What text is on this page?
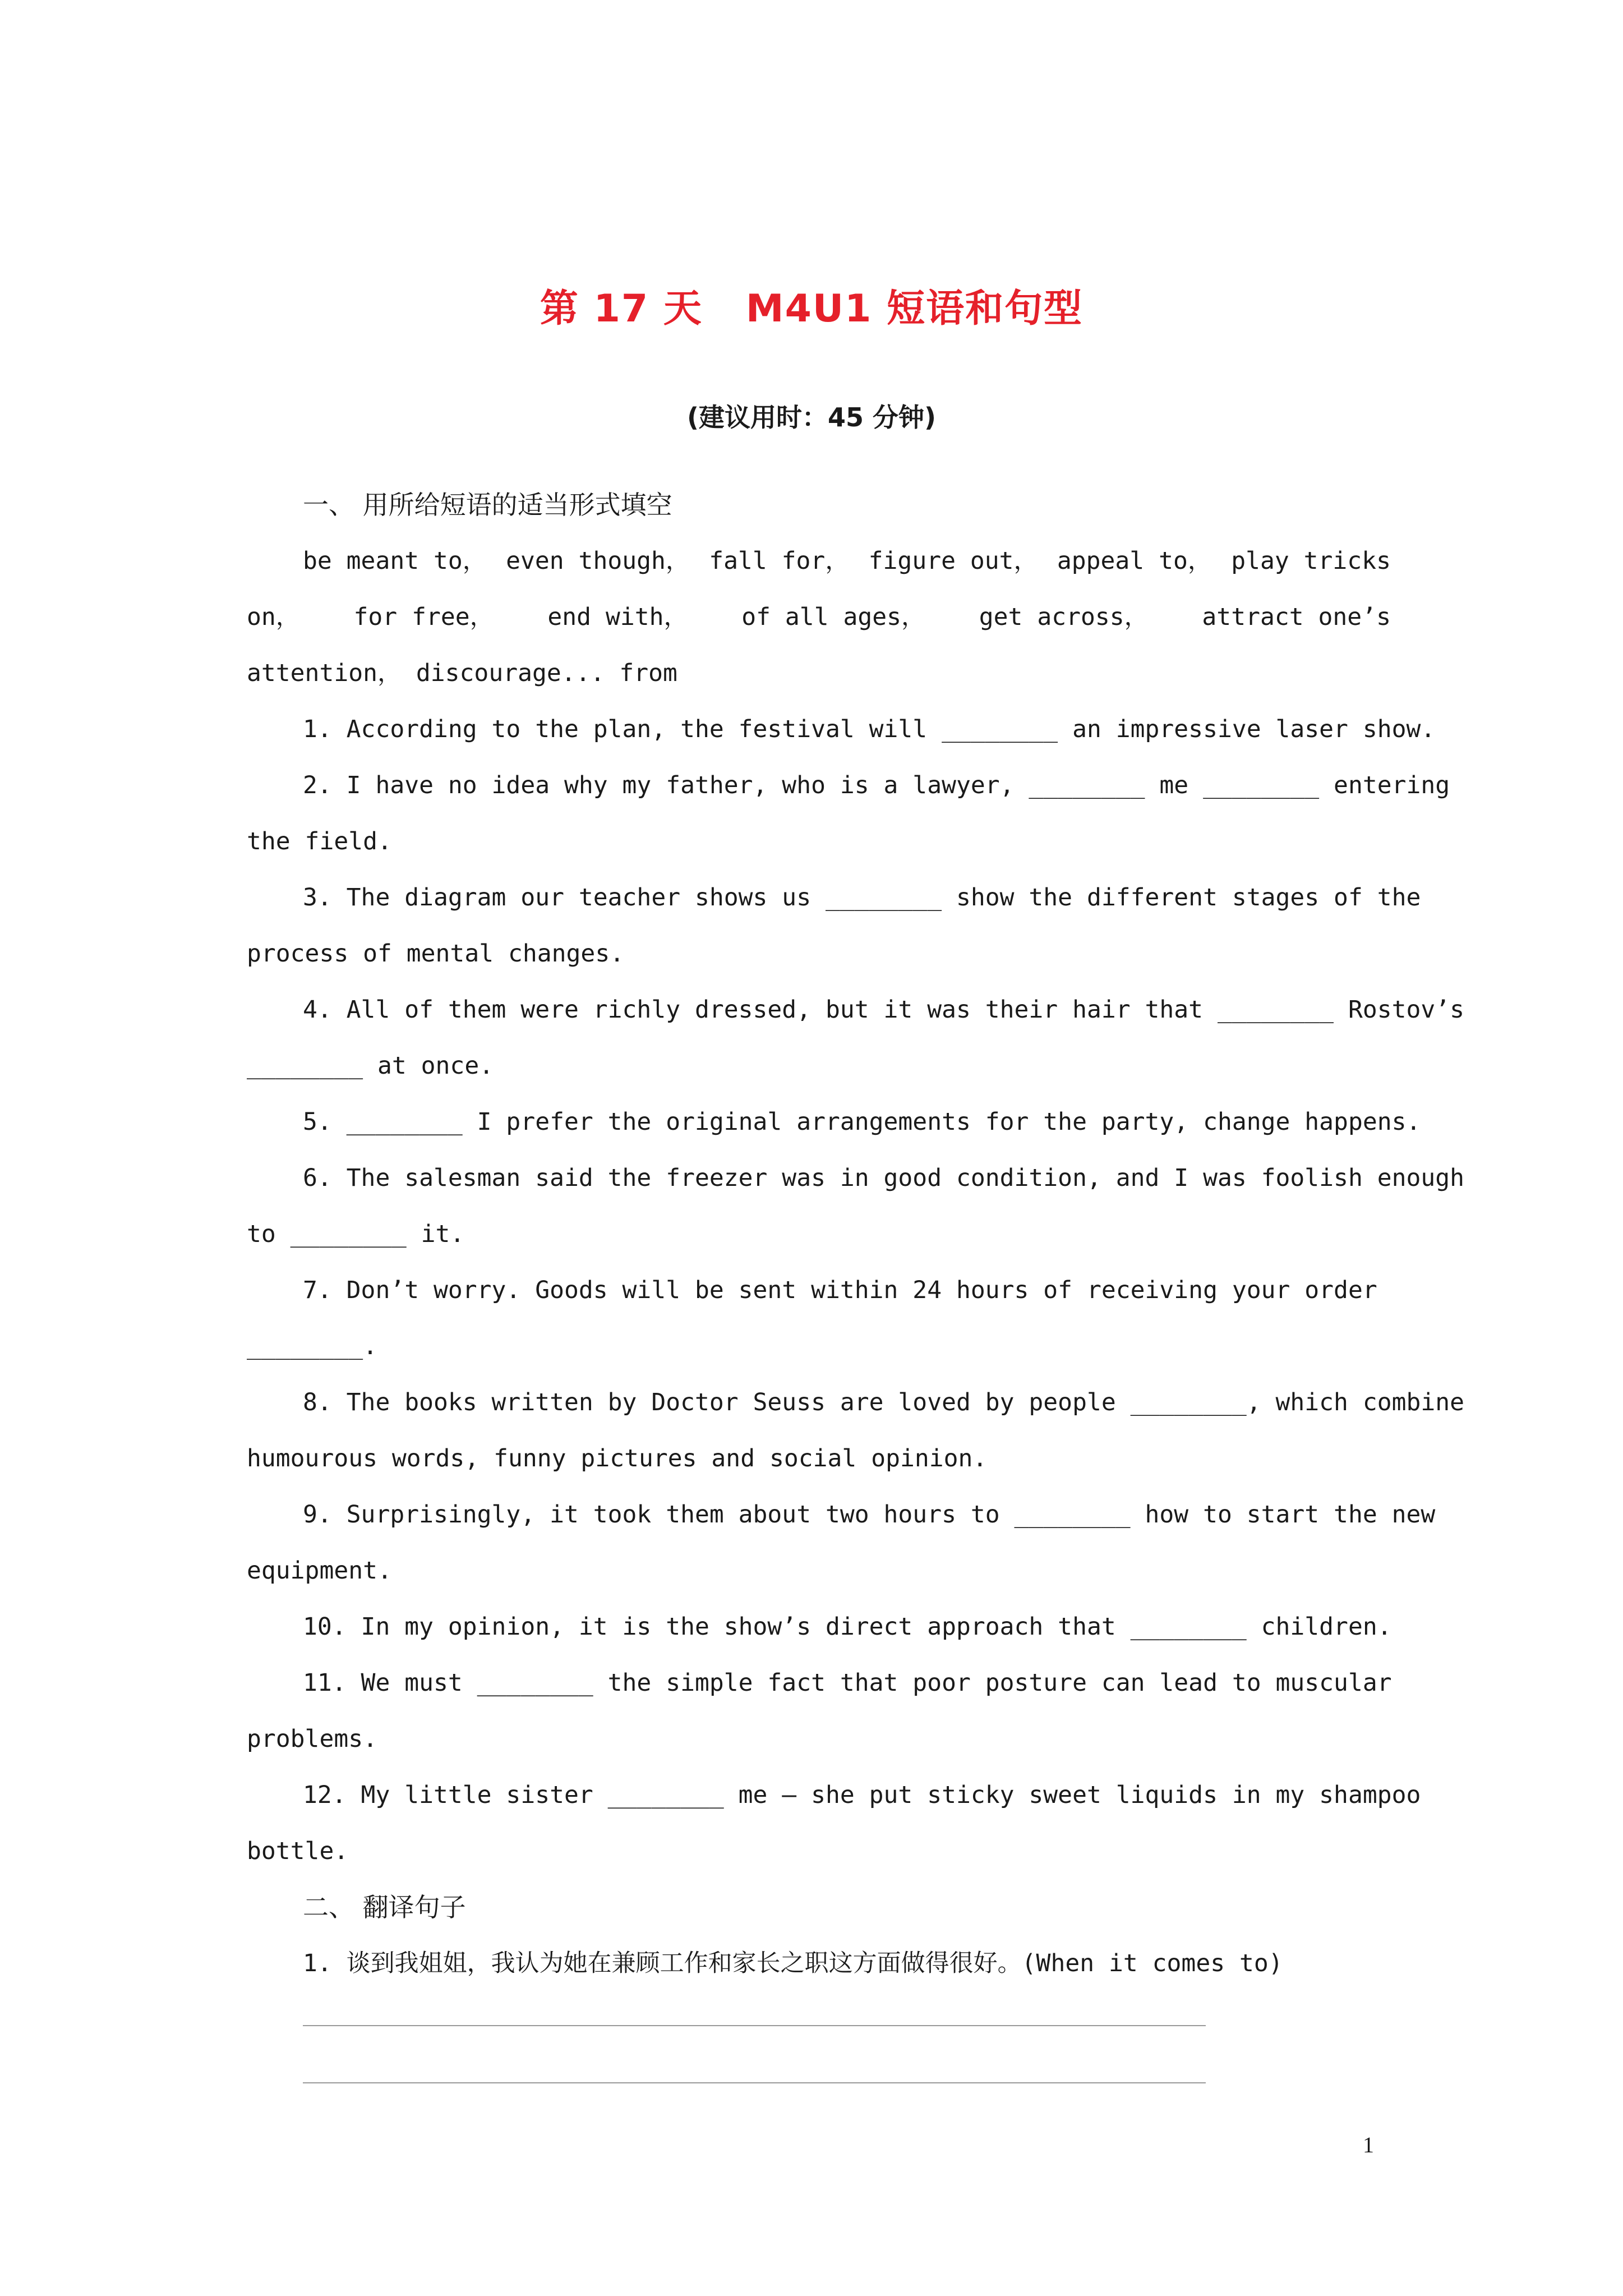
第 17 天   M4U1 短语和句型
(建议用时：45 分钟)
一、 用所给短语的适当形式填空
be meant to， even though， fall for， figure out， appeal to， play tricks
on， for free， end with， of all ages， get across， attract one’s
attention， discourage... from
1. According to the plan, the festival will ________ an impressive laser show.
2. I have no idea why my father, who is a lawyer, ________ me ________ entering
the field.
3. The diagram our teacher shows us ________ show the different stages of the
process of mental changes.
4. All of them were richly dressed, but it was their hair that ________ Rostov’s
________ at once.
5. ________ I prefer the original arrangements for the party, change happens.
6. The salesman said the freezer was in good condition, and I was foolish enough
to ________ it.
7. Don’t worry. Goods will be sent within 24 hours of receiving your order
________.
8. The books written by Doctor Seuss are loved by people ________, which combine
humourous words, funny pictures and social opinion.
9. Surprisingly, it took them about two hours to ________ how to start the new
equipment.
10. In my opinion, it is the show’s direct approach that ________ children.
11. We must ________ the simple fact that poor posture can lead to muscular
problems.
12. My little sister ________ me — she put sticky sweet liquids in my shampoo
bottle.
二、 翻译句子
1. 谈到我姐姐，我认为她在兼顾工作和家长之职这方面做得很好。(When it comes to)
1
